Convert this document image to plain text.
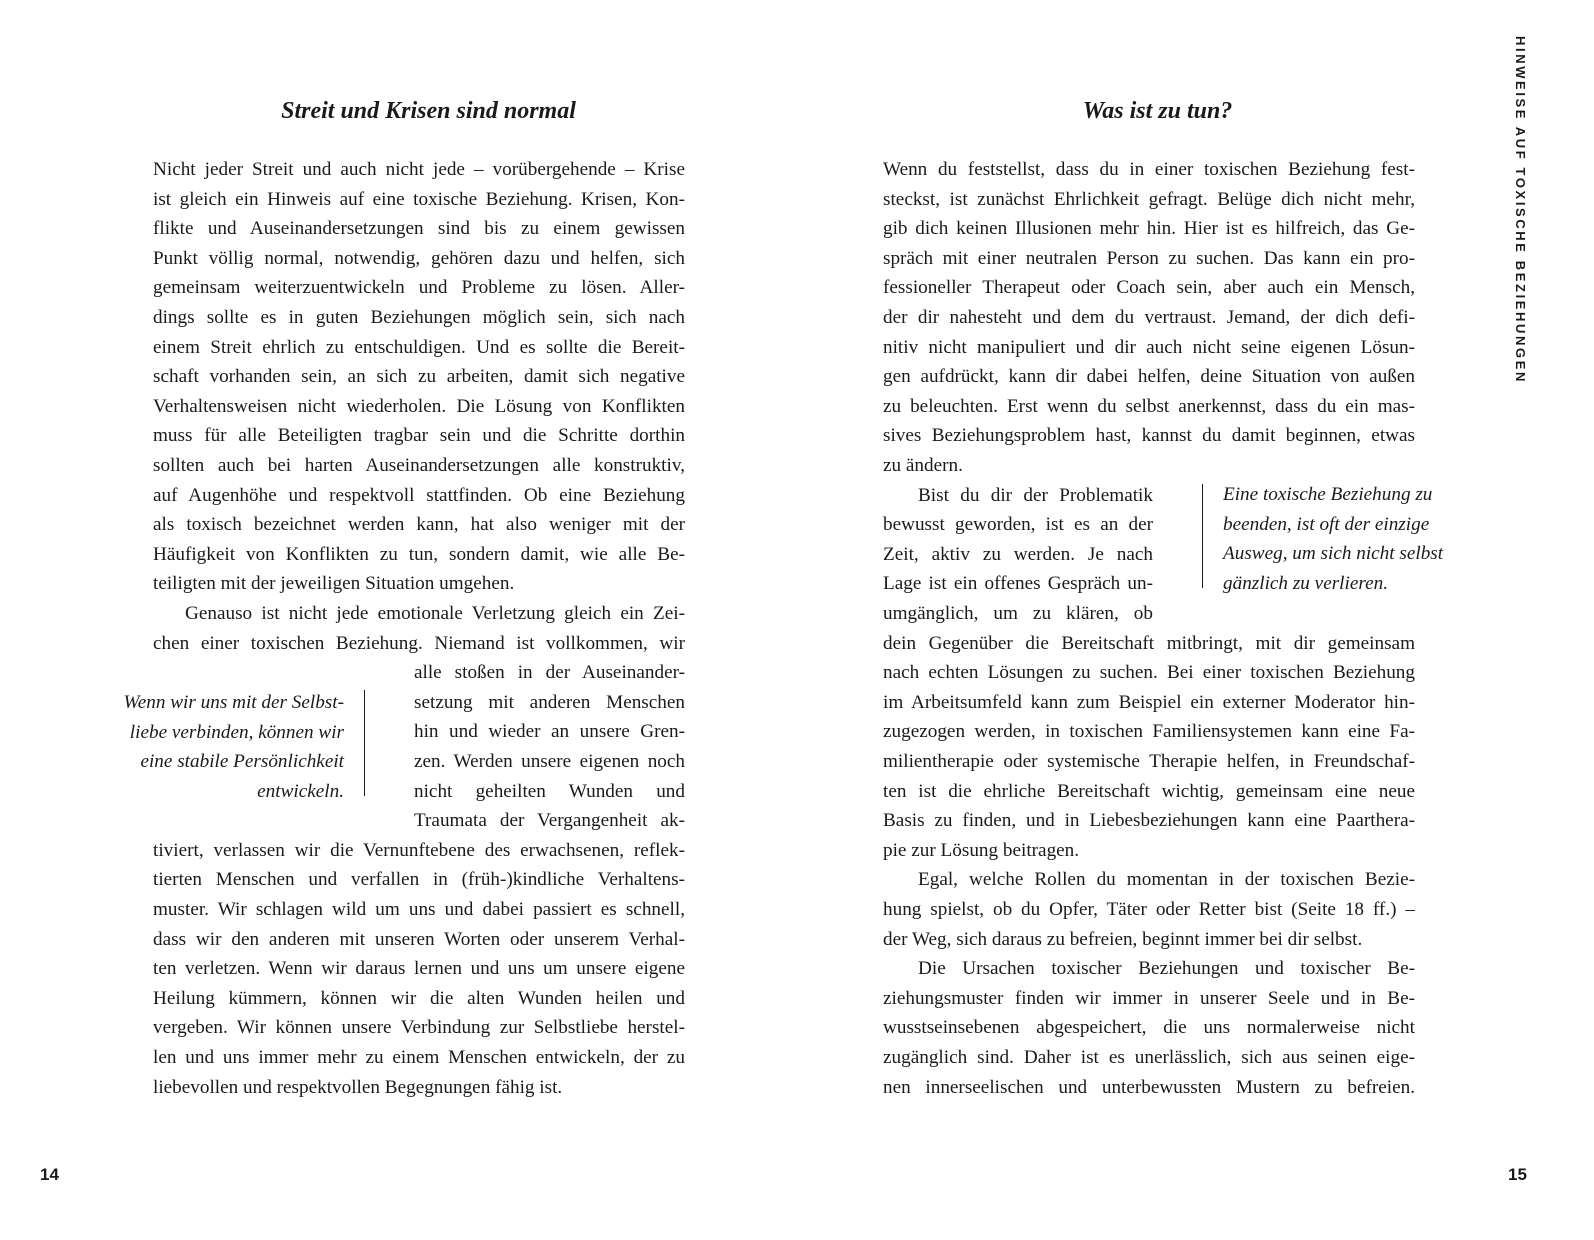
Streit und Krisen sind normal
Nicht jeder Streit und auch nicht jede – vorübergehende – Krise
ist gleich ein Hinweis auf eine toxische Beziehung. Krisen, Kon-
flikte und Auseinandersetzungen sind bis zu einem gewissen
Punkt völlig normal, notwendig, gehören dazu und helfen, sich
gemeinsam weiterzuentwickeln und Probleme zu lösen. Aller-
dings sollte es in guten Beziehungen möglich sein, sich nach
einem Streit ehrlich zu entschuldigen. Und es sollte die Bereit-
schaft vorhanden sein, an sich zu arbeiten, damit sich negative
Verhaltensweisen nicht wiederholen. Die Lösung von Konflikten
muss für alle Beteiligten tragbar sein und die Schritte dorthin
sollten auch bei harten Auseinandersetzungen alle konstruktiv,
auf Augenhöhe und respektvoll stattfinden. Ob eine Beziehung
als toxisch bezeichnet werden kann, hat also weniger mit der
Häufigkeit von Konflikten zu tun, sondern damit, wie alle Be-
teiligten mit der jeweiligen Situation umgehen.
Genauso ist nicht jede emotionale Verletzung gleich ein Zei-
chen einer toxischen Beziehung. Niemand ist vollkommen, wir
alle stoßen in der Auseinander-
setzung mit anderen Menschen
hin und wieder an unsere Gren-
zen. Werden unsere eigenen noch
nicht geheilten Wunden und
Traumata der Vergangenheit ak-
tiviert, verlassen wir die Vernunftebene des erwachsenen, reflek-
tierten Menschen und verfallen in (früh-)kindliche Verhaltens-
muster. Wir schlagen wild um uns und dabei passiert es schnell,
dass wir den anderen mit unseren Worten oder unserem Verhal-
ten verletzen. Wenn wir daraus lernen und uns um unsere eigene
Heilung kümmern, können wir die alten Wunden heilen und
vergeben. Wir können unsere Verbindung zur Selbstliebe herstel-
len und uns immer mehr zu einem Menschen entwickeln, der zu
liebevollen und respektvollen Begegnungen fähig ist.
Wenn wir uns mit der Selbst-
liebe verbinden, können wir
eine stabile Persönlichkeit
entwickeln.
14
Was ist zu tun?
Wenn du feststellst, dass du in einer toxischen Beziehung fest-
steckst, ist zunächst Ehrlichkeit gefragt. Belüge dich nicht mehr,
gib dich keinen Illusionen mehr hin. Hier ist es hilfreich, das Ge-
spräch mit einer neutralen Person zu suchen. Das kann ein pro-
fessioneller Therapeut oder Coach sein, aber auch ein Mensch,
der dir nahesteht und dem du vertraust. Jemand, der dich defi-
nitiv nicht manipuliert und dir auch nicht seine eigenen Lösun-
gen aufdrückt, kann dir dabei helfen, deine Situation von außen
zu beleuchten. Erst wenn du selbst anerkennst, dass du ein mas-
sives Beziehungsproblem hast, kannst du damit beginnen, etwas
zu ändern.
Bist du dir der Problematik
bewusst geworden, ist es an der
Zeit, aktiv zu werden. Je nach
Lage ist ein offenes Gespräch un-
umgänglich, um zu klären, ob
dein Gegenüber die Bereitschaft mitbringt, mit dir gemeinsam
nach echten Lösungen zu suchen. Bei einer toxischen Beziehung
im Arbeitsumfeld kann zum Beispiel ein externer Moderator hin-
zugezogen werden, in toxischen Familiensystemen kann eine Fa-
milientherapie oder systemische Therapie helfen, in Freundschaf-
ten ist die ehrliche Bereitschaft wichtig, gemeinsam eine neue
Basis zu finden, und in Liebesbeziehungen kann eine Paarthera-
pie zur Lösung beitragen.
Egal, welche Rollen du momentan in der toxischen Bezie-
hung spielst, ob du Opfer, Täter oder Retter bist (Seite 18 ff.) –
der Weg, sich daraus zu befreien, beginnt immer bei dir selbst.
Die Ursachen toxischer Beziehungen und toxischer Be-
ziehungsmuster finden wir immer in unserer Seele und in Be-
wusstseinsebenen abgespeichert, die uns normalerweise nicht
zugänglich sind. Daher ist es unerlässlich, sich aus seinen eige-
nen innerseelischen und unterbewussten Mustern zu befreien.
Eine toxische Beziehung zu
beenden, ist oft der einzige
Ausweg, um sich nicht selbst
gänzlich zu verlieren.
15
HINWEISE AUF TOXISCHE BEZIEHUNGEN
